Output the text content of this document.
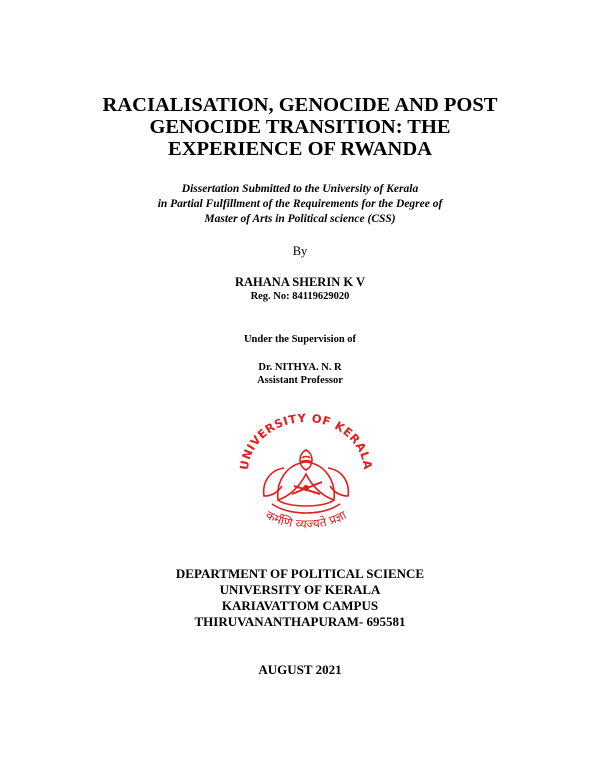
RACIALISATION, GENOCIDE AND POST
GENOCIDE TRANSITION: THE
EXPERIENCE OF RWANDA
Dissertation Submitted to the University of Kerala
in Partial Fulfillment of the Requirements for the Degree of
Master of Arts in Political science (CSS)
By
RAHANA SHERIN K V
Reg. No: 84119629020
Under the Supervision of
Dr. NITHYA. N. R
Assistant Professor
UNIVERSITY OF KERALA
कर्मणि व्यज्यते प्रज्ञा
DEPARTMENT OF POLITICAL SCIENCE
UNIVERSITY OF KERALA
KARIAVATTOM CAMPUS
THIRUVANANTHAPURAM- 695581
AUGUST 2021
